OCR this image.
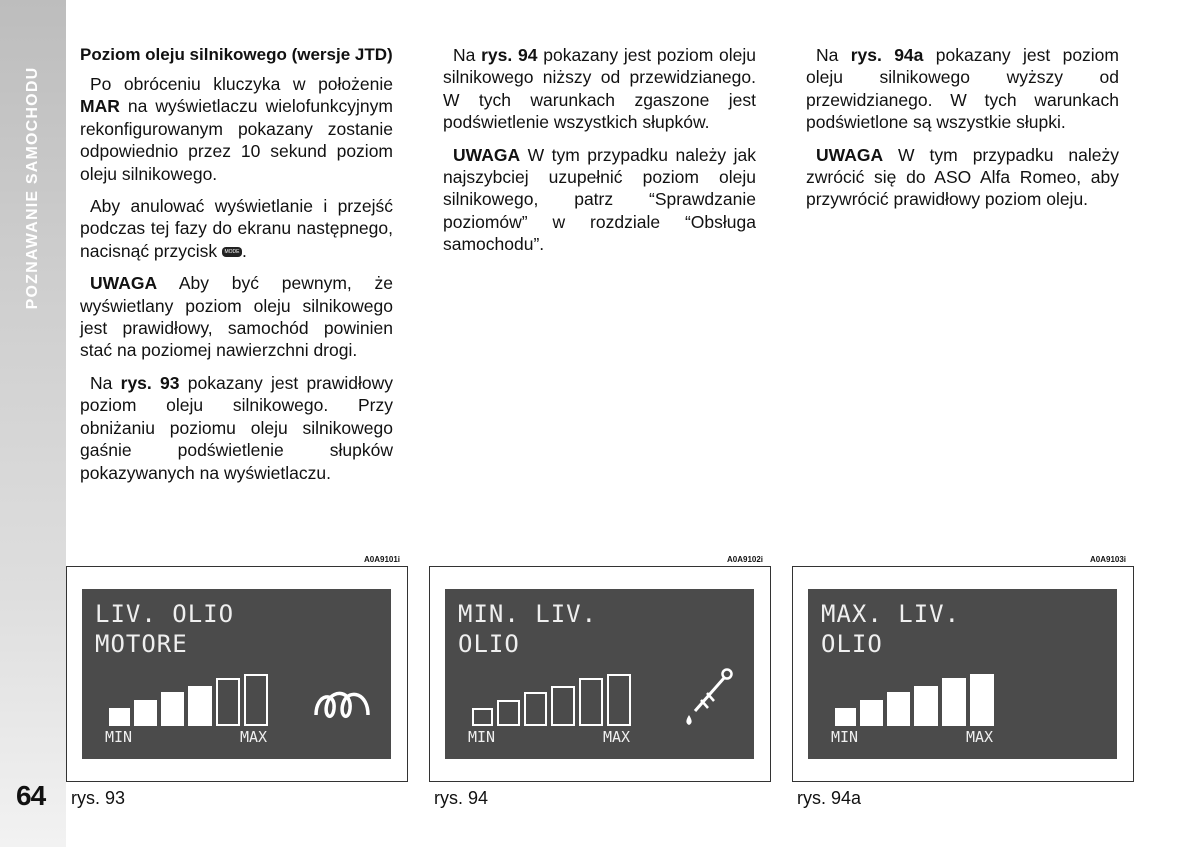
POZNAWANIE SAMOCHODU
64

Poziom oleju silnikowego (wersje JTD)

Po obróceniu kluczyka w położenie MAR na wyświetlaczu wielofunkcyjnym rekonfigurowanym pokazany zostanie odpowiednio przez 10 sekund poziom oleju silnikowego.

Aby anulować wyświetlanie i przejść podczas tej fazy do ekranu następnego, nacisnąć przycisk MODE .

UWAGA Aby być pewnym, że wyświetlany poziom oleju silnikowego jest prawidłowy, samochód powinien stać na poziomej nawierzchni drogi.

Na rys. 93 pokazany jest prawidłowy poziom oleju silnikowego. Przy obniżaniu poziomu oleju silnikowego gaśnie podświetlenie słupków pokazywanych na wyświetlaczu.

Na rys. 94 pokazany jest poziom oleju silnikowego niższy od przewidzianego. W tych warunkach zgaszone jest podświetlenie wszystkich słupków.

UWAGA W tym przypadku należy jak najszybciej uzupełnić poziom oleju silnikowego, patrz “Sprawdzanie poziomów” w rozdziale “Obsługa samochodu”.

Na rys. 94a pokazany jest poziom oleju silnikowego wyższy od przewidzianego. W tych warunkach podświetlone są wszystkie słupki.

UWAGA W tym przypadku należy zwrócić się do ASO Alfa Romeo, aby przywrócić prawidłowy poziom oleju.

A0A9101i
LIV. OLIO
MOTORE
MIN	MAX
rys. 93
A0A9102i
MIN. LIV.
OLIO
MIN	MAX
rys. 94
A0A9103i
MAX. LIV.
OLIO
MIN	MAX
rys. 94a
